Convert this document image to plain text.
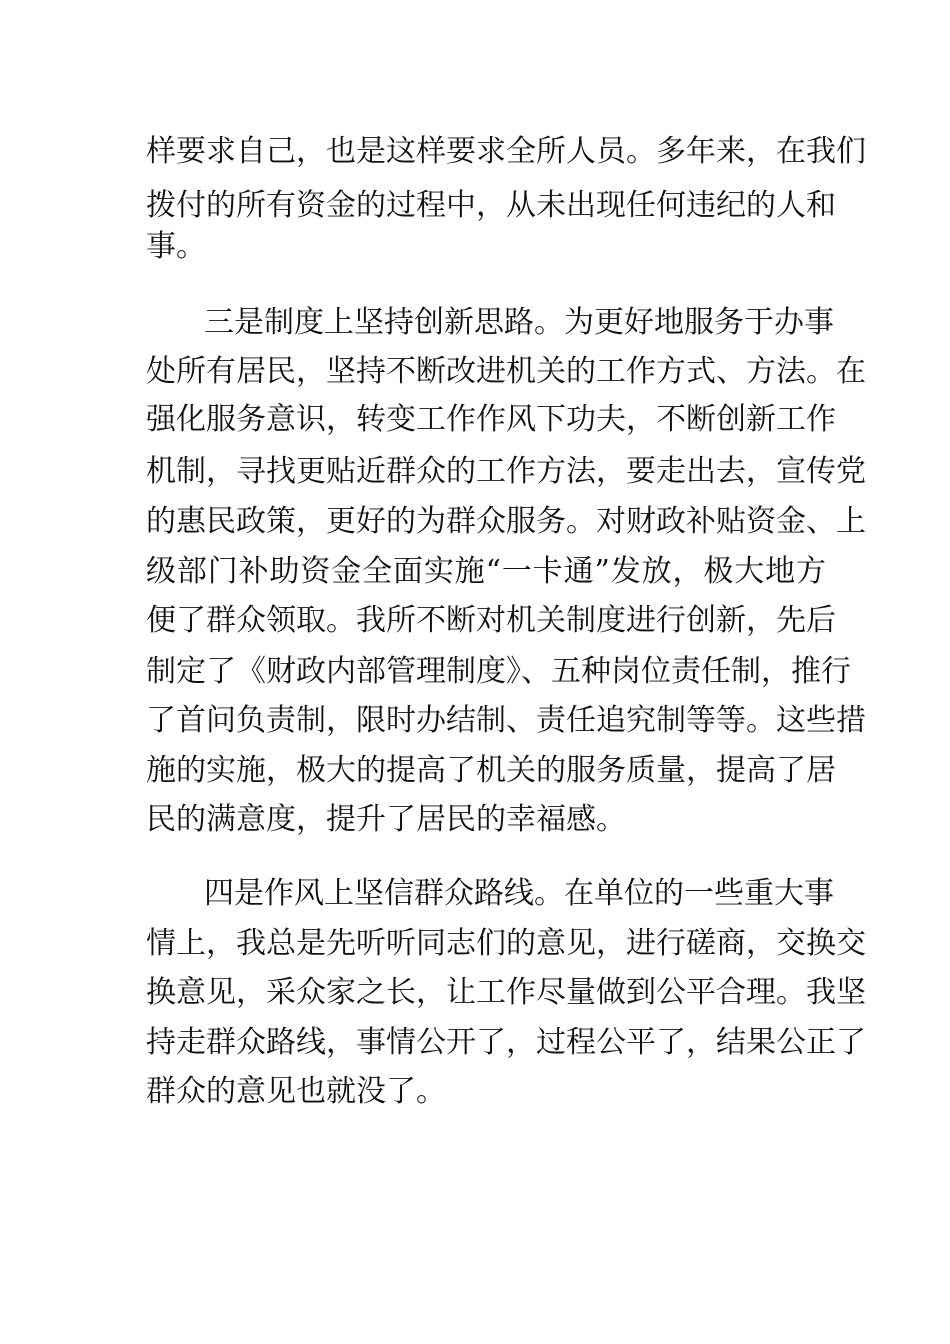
样要求自己，也是这样要求全所人员。多年来，在我们
拨付的所有资金的过程中，从未出现任何违纪的人和
事。
三是制度上坚持创新思路。为更好地服务于办事
处所有居民，坚持不断改进机关的工作方式、方法。在
强化服务意识，转变工作作风下功夫，不断创新工作
机制，寻找更贴近群众的工作方法，要走出去，宣传党
的惠民政策，更好的为群众服务。对财政补贴资金、上
级部门补助资金全面实施“一卡通”发放，极大地方
便了群众领取。我所不断对机关制度进行创新，先后
制定了《财政内部管理制度》、五种岗位责任制，推行
了首问负责制，限时办结制、责任追究制等等。这些措
施的实施，极大的提高了机关的服务质量，提高了居
民的满意度，提升了居民的幸福感。
四是作风上坚信群众路线。在单位的一些重大事
情上，我总是先听听同志们的意见，进行磋商，交换交
换意见，采众家之长，让工作尽量做到公平合理。我坚
持走群众路线，事情公开了，过程公平了，结果公正了
群众的意见也就没了。
